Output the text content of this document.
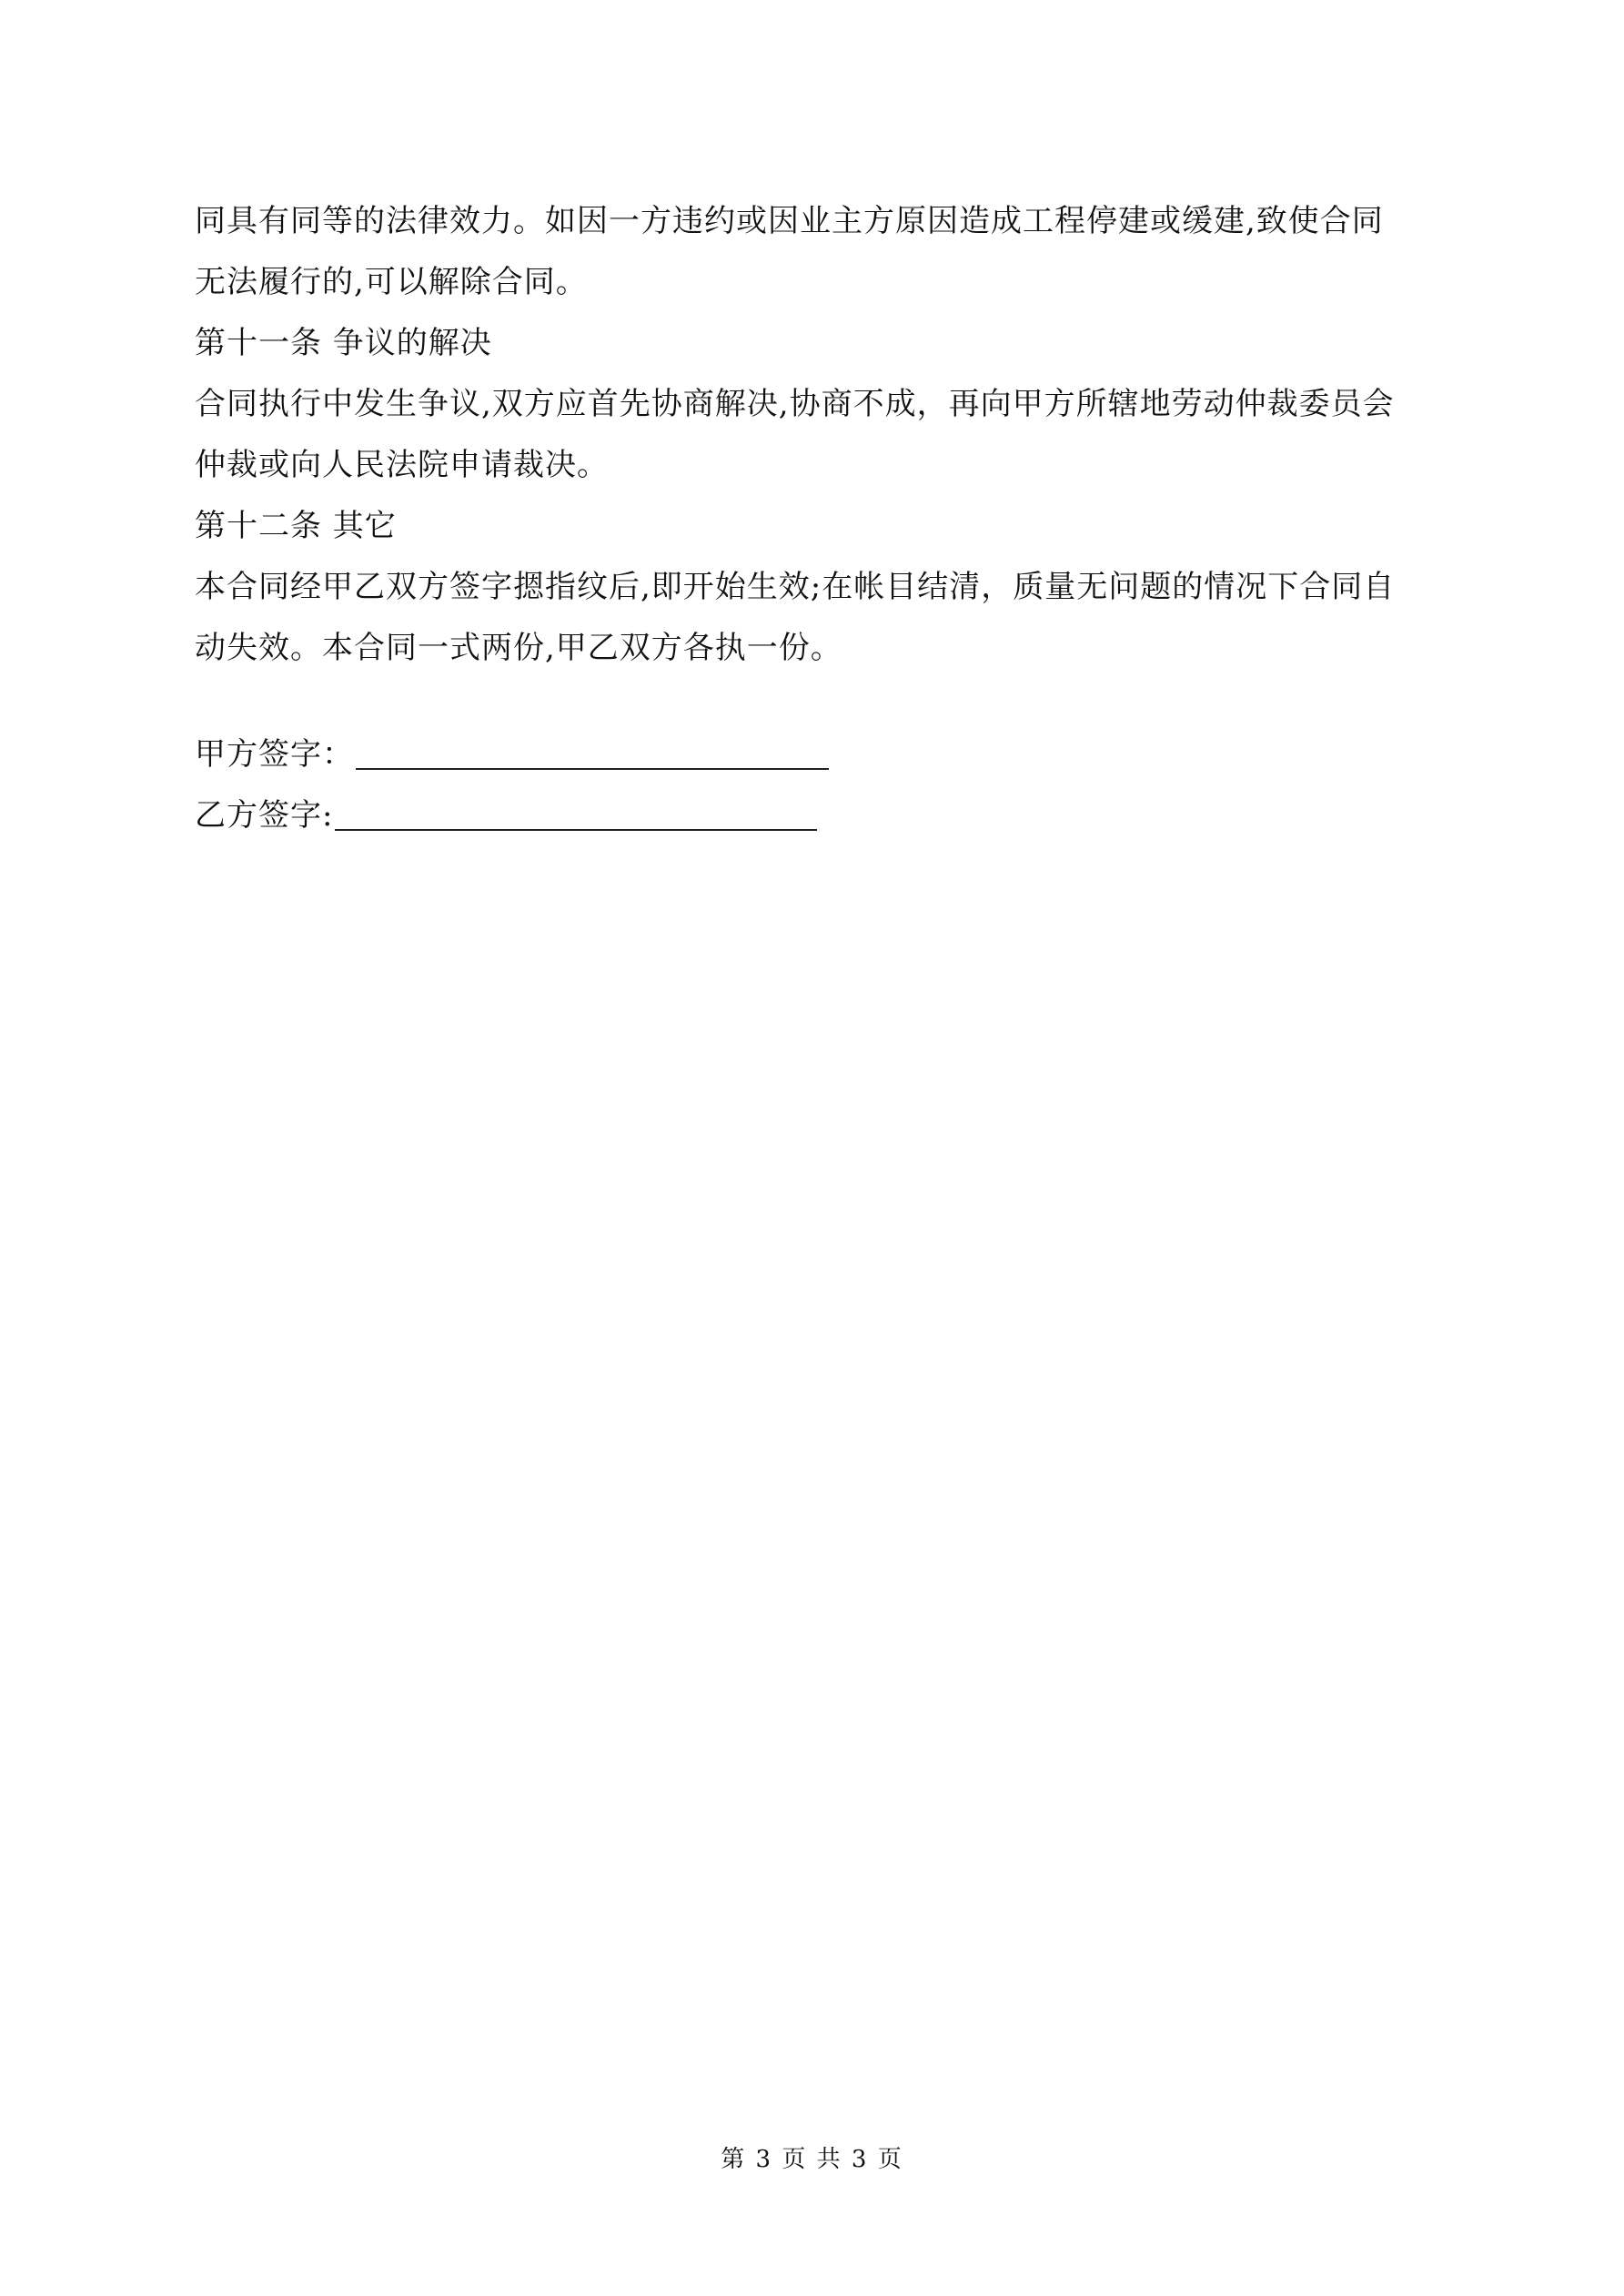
同具有同等的法律效力。如因一方违约或因业主方原因造成工程停建或缓建,致使合同
无法履行的,可以解除合同。
第十一条 争议的解决
合同执行中发生争议,双方应首先协商解决,协商不成，再向甲方所辖地劳动仲裁委员会
仲裁或向人民法院申请裁决。
第十二条 其它
本合同经甲乙双方签字摁指纹后,即开始生效;在帐目结清，质量无问题的情况下合同自
动失效。本合同一式两份,甲乙双方各执一份。
甲方签字：
乙方签字:
第 3 页 共 3 页
